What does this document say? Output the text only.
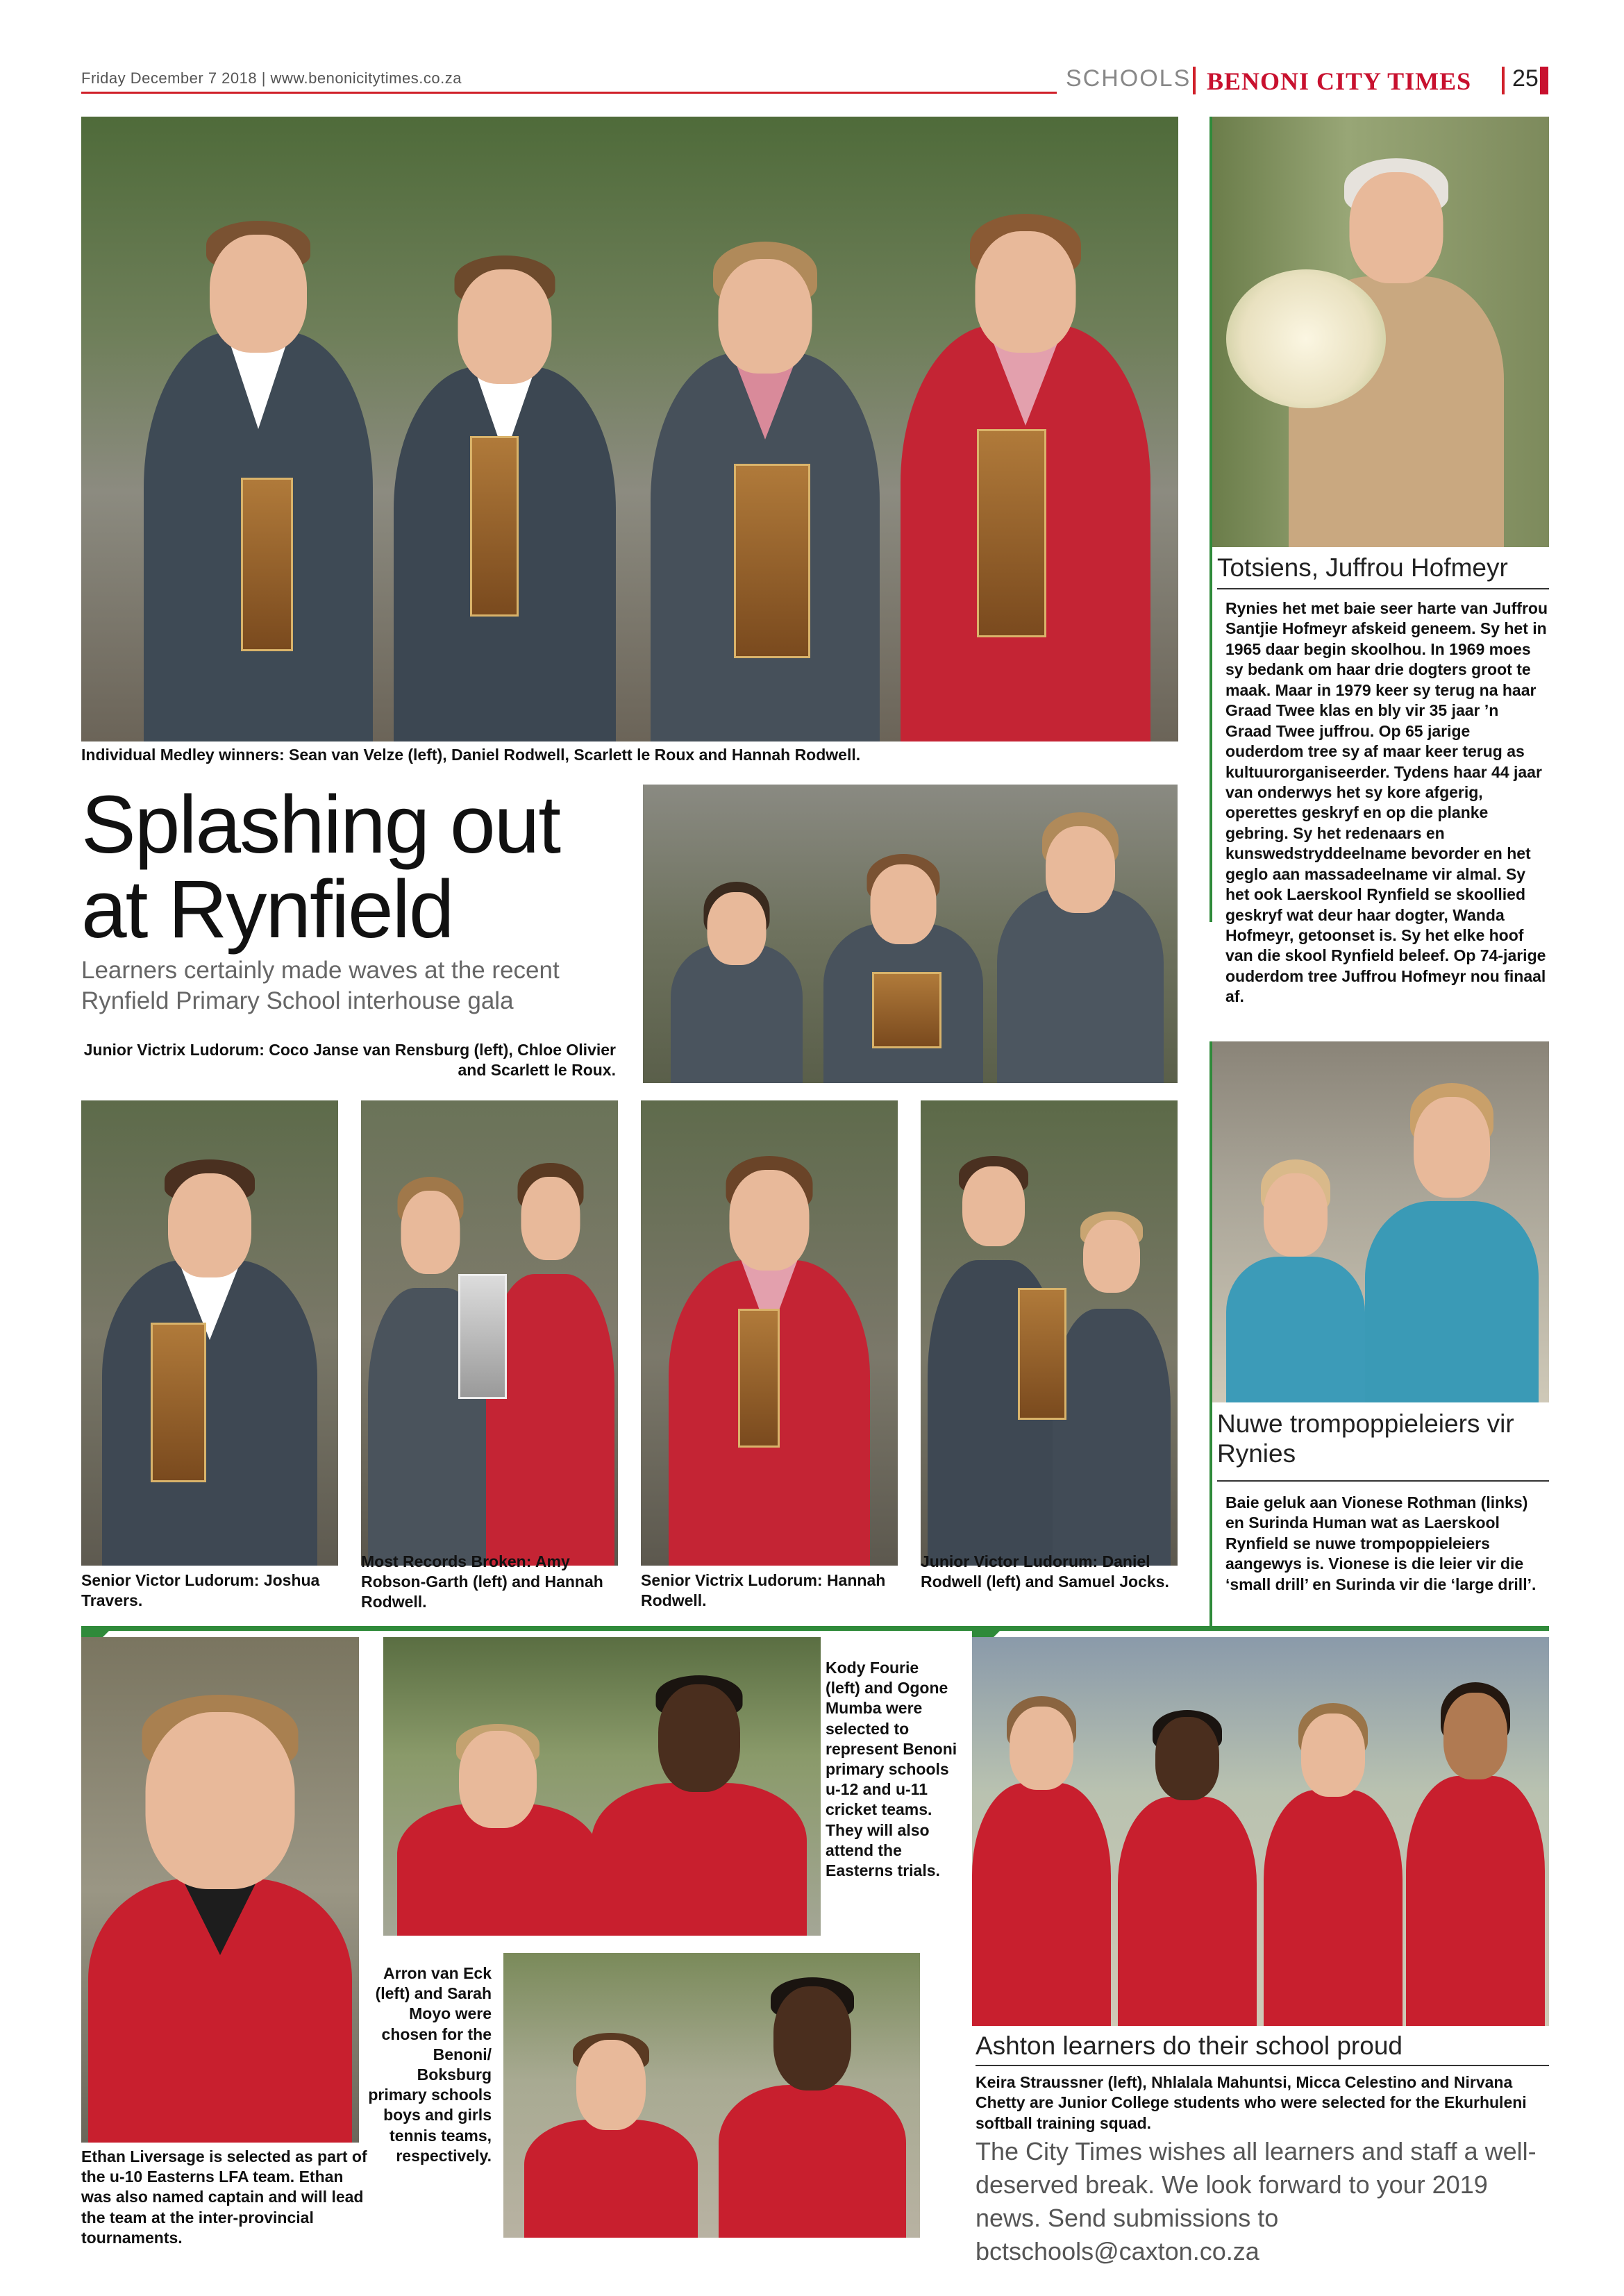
Friday December 7 2018 | www.benonicitytimes.co.za	SCHOOLS BENONI CITY TIMES 25
Individual Medley winners: Sean van Velze (left), Daniel Rodwell, Scarlett le Roux and Hannah Rodwell.
Splashing out at Rynfield
Learners certainly made waves at the recent Rynfield Primary School interhouse gala
Junior Victrix Ludorum: Coco Janse van Rensburg (left), Chloe Olivier and Scarlett le Roux.
Senior Victor Ludorum: Joshua Travers.
Most Records Broken: Amy Robson-Garth (left) and Hannah Rodwell.
Senior Victrix Ludorum: Hannah Rodwell.
Junior Victor Ludorum: Daniel Rodwell (left) and Samuel Jocks.
Totsiens, Juffrou Hofmeyr
Rynies het met baie seer harte van Juffrou Santjie Hofmeyr afskeid geneem. Sy het in 1965 daar begin skoolhou. In 1969 moes sy bedank om haar drie dogters groot te maak. Maar in 1979 keer sy terug na haar Graad Twee klas en bly vir 35 jaar ’n Graad Twee juffrou. Op 65 jarige ouderdom tree sy af maar keer terug as kultuurorganiseerder. Tydens haar 44 jaar van onderwys het sy kore afgerig, operettes geskryf en op die planke gebring. Sy het redenaars en kunswedstryddeelname bevorder en het geglo aan massadeelname vir almal. Sy het ook Laerskool Rynfield se skoollied geskryf wat deur haar dogter, Wanda Hofmeyr, getoonset is. Sy het elke hoof van die skool Rynfield beleef. Op 74-jarige ouderdom tree Juffrou Hofmeyr nou finaal af.
Nuwe trompoppieleiers vir Rynies
Baie geluk aan Vionese Rothman (links) en Surinda Human wat as Laerskool Rynfield se nuwe trompoppieleiers aangewys is. Vionese is die leier vir die ‘small drill’ en Surinda vir die ‘large drill’.
Ethan Liversage is selected as part of the u-10 Easterns LFA team. Ethan was also named captain and will lead the team at the inter-provincial tournaments.
Kody Fourie (left) and Ogone Mumba were selected to represent Benoni primary schools u-12 and u-11 cricket teams. They will also attend the Easterns trials.
Arron van Eck (left) and Sarah Moyo were chosen for the Benoni/ Boksburg primary schools boys and girls tennis teams, respectively.
Ashton learners do their school proud
Keira Straussner (left), Nhlalala Mahuntsi, Micca Celestino and Nirvana Chetty are Junior College students who were selected for the Ekurhuleni softball training squad.
The City Times wishes all learners and staff a well-deserved break. We look forward to your 2019 news. Send submissions to bctschools@caxton.co.za
